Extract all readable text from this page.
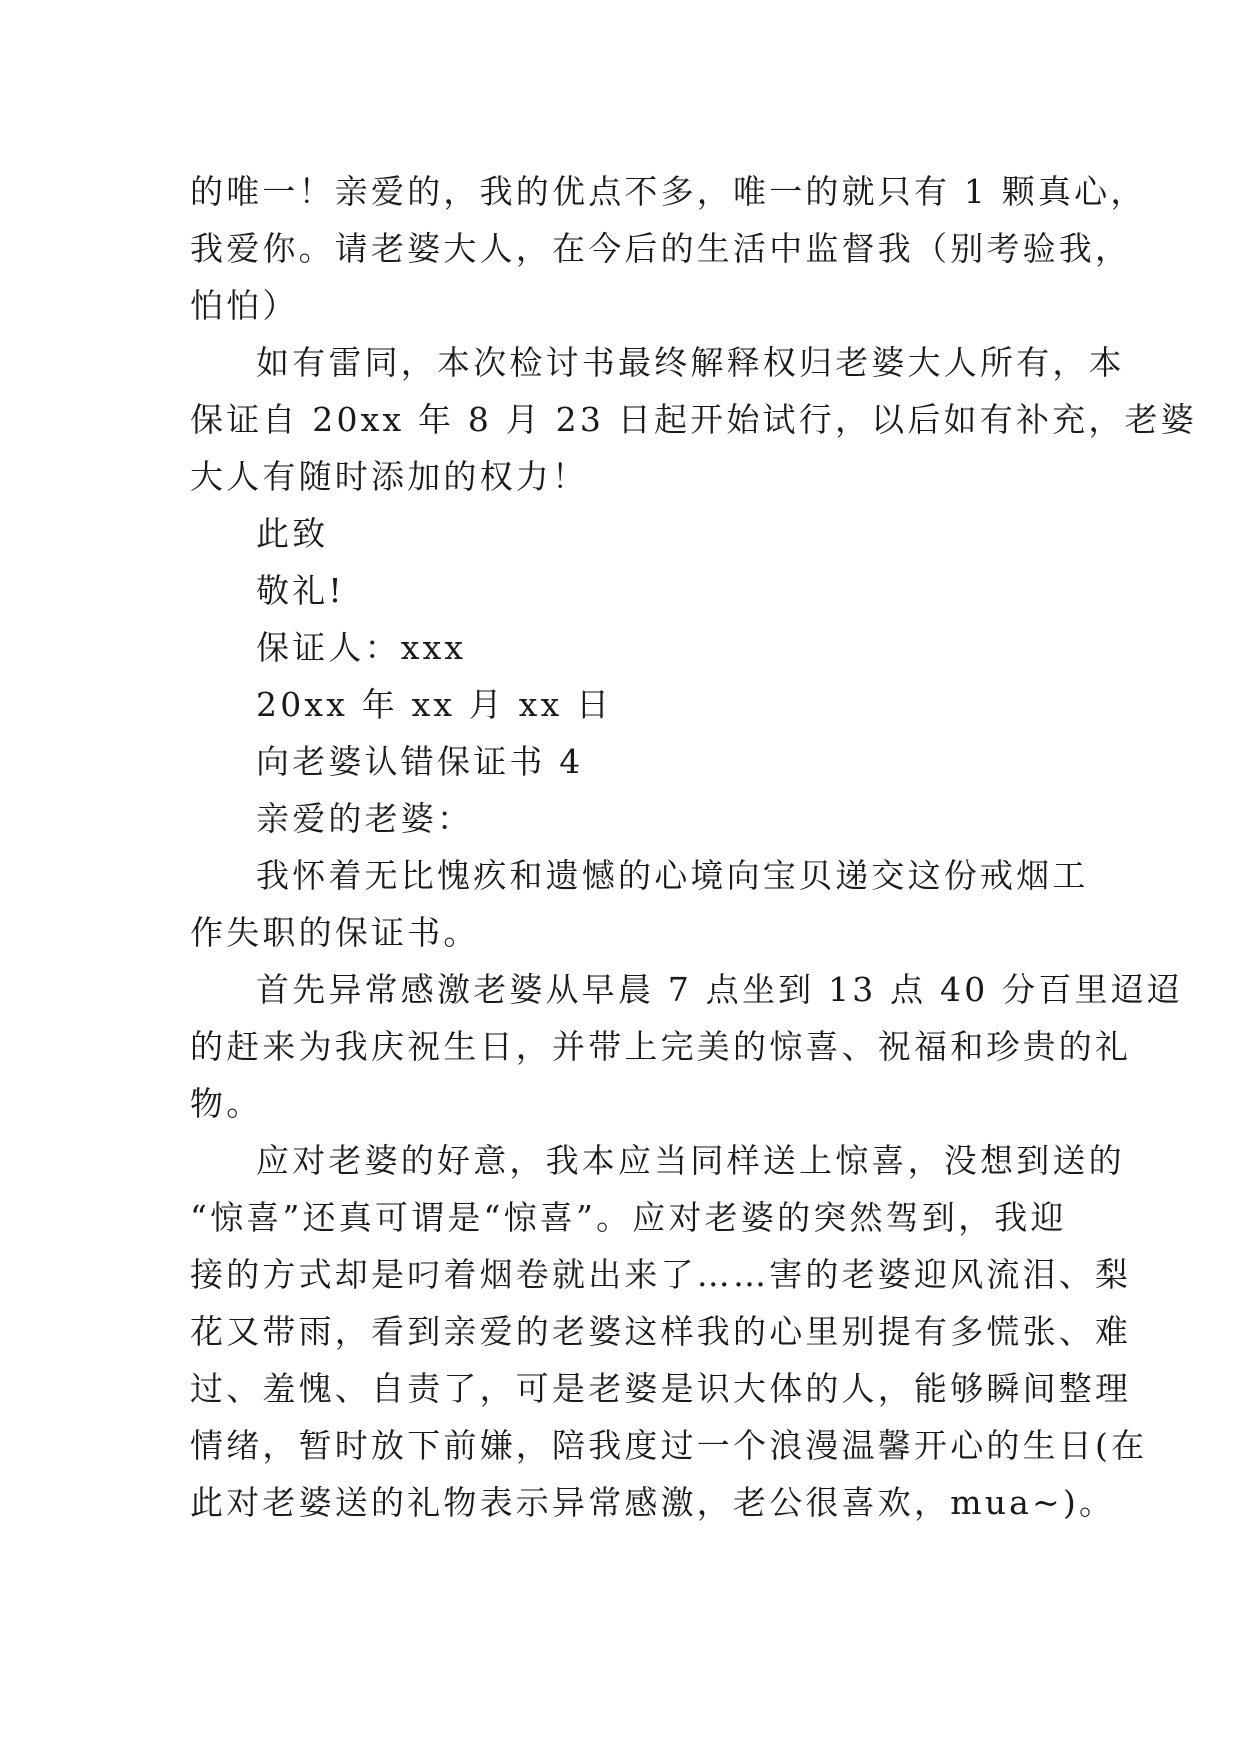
的唯一！亲爱的，我的优点不多，唯一的就只有 1 颗真心，
我爱你。请老婆大人，在今后的生活中监督我（别考验我，
怕怕）
如有雷同，本次检讨书最终解释权归老婆大人所有，本
保证自 20xx 年 8 月 23 日起开始试行，以后如有补充，老婆
大人有随时添加的权力！
此致
敬礼!
保证人：xxx
20xx 年 xx 月 xx 日
向老婆认错保证书 4
亲爱的老婆：
我怀着无比愧疚和遗憾的心境向宝贝递交这份戒烟工
作失职的保证书。
首先异常感激老婆从早晨 7 点坐到 13 点 40 分百里迢迢
的赶来为我庆祝生日，并带上完美的惊喜、祝福和珍贵的礼
物。
应对老婆的好意，我本应当同样送上惊喜，没想到送的
“惊喜”还真可谓是“惊喜”。应对老婆的突然驾到，我迎
接的方式却是叼着烟卷就出来了……害的老婆迎风流泪、梨
花又带雨，看到亲爱的老婆这样我的心里别提有多慌张、难
过、羞愧、自责了，可是老婆是识大体的人，能够瞬间整理
情绪，暂时放下前嫌，陪我度过一个浪漫温馨开心的生日(在
此对老婆送的礼物表示异常感激，老公很喜欢，mua~)。
